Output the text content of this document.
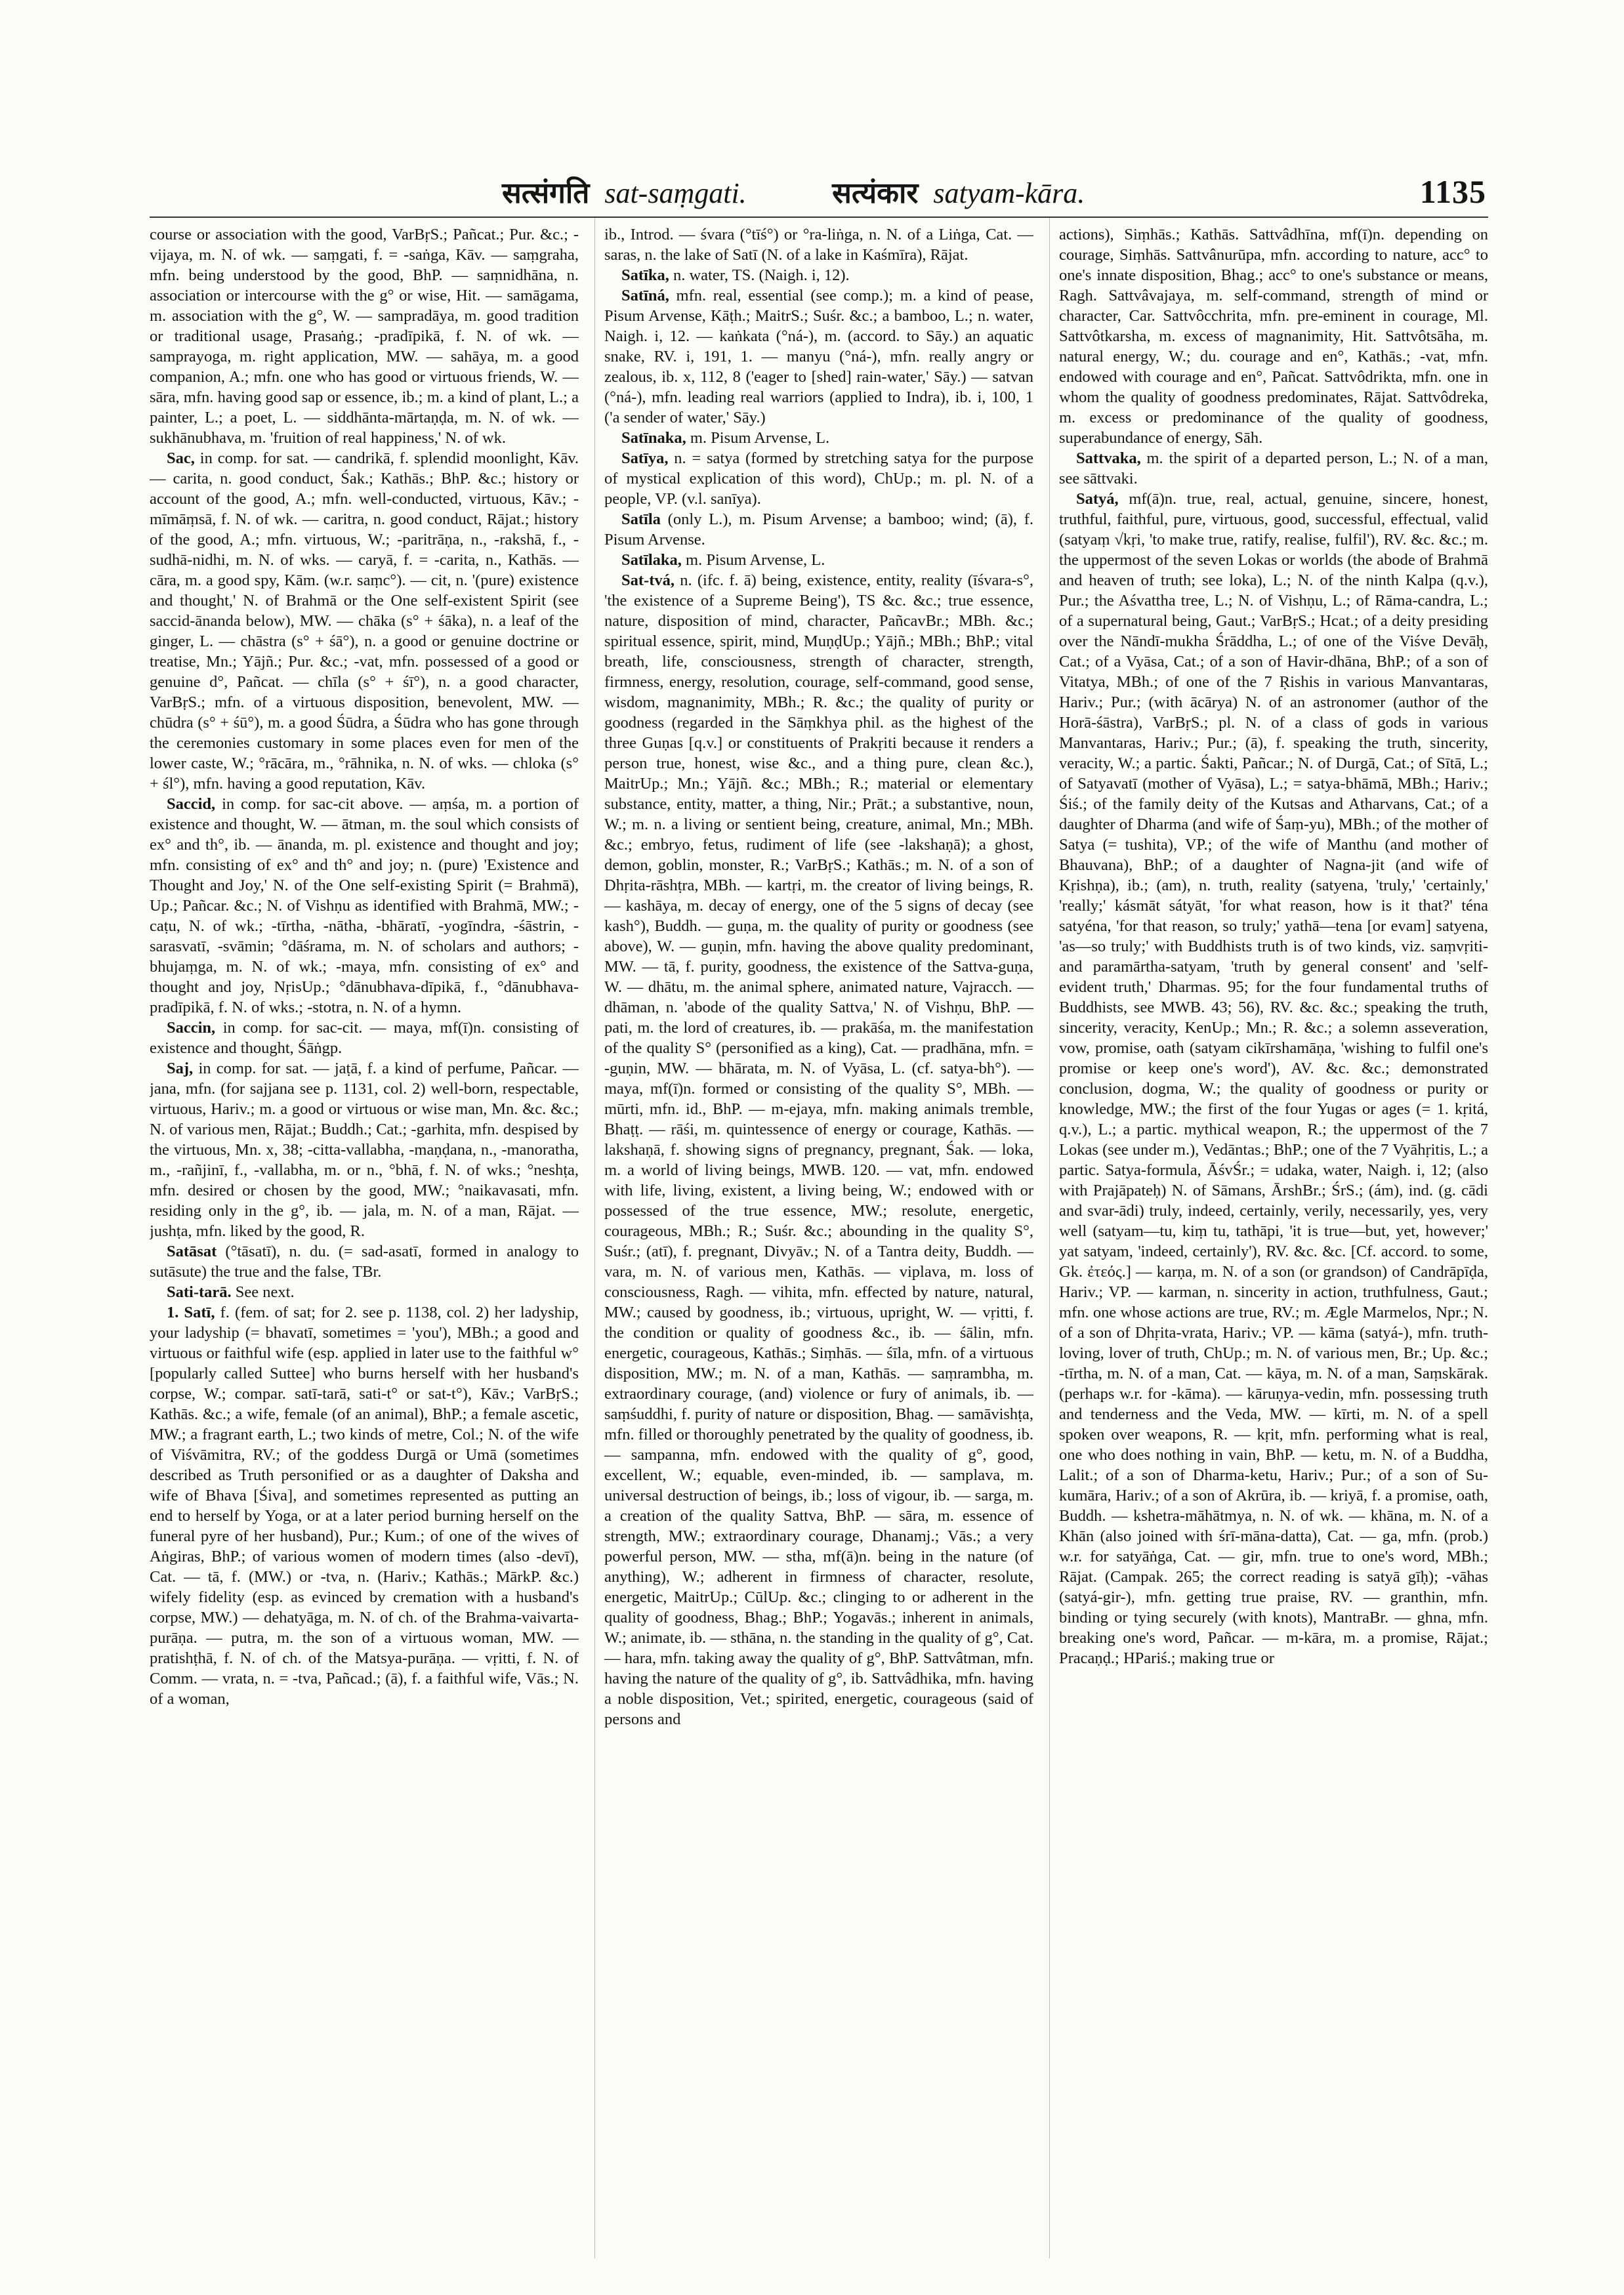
सत्संगति sat-saṃgati.	सत्यंकार satyam-kāra.	1135

course or association with the good, VarBṛS.; Pañcat.; Pur. &c.; -vijaya, m. N. of wk. — saṃgati, f. = -saṅga, Kāv. — saṃgraha, mfn. being understood by the good, BhP. — saṃnidhāna, n. association or intercourse with the g° or wise, Hit. — samāgama, m. association with the g°, W. — sampradāya, m. good tradition or traditional usage, Prasaṅg.; -pradīpikā, f. N. of wk. — samprayoga, m. right application, MW. — sahāya, m. a good companion, A.; mfn. one who has good or virtuous friends, W. — sāra, mfn. having good sap or essence, ib.; m. a kind of plant, L.; a painter, L.; a poet, L. — siddhānta-mārtaṇḍa, m. N. of wk. — sukhānubhava, m. 'fruition of real happiness,' N. of wk.

Sac, in comp. for sat. — candrikā, f. splendid moonlight, Kāv. — carita, n. good conduct, Śak.; Kathās.; BhP. &c.; history or account of the good, A.; mfn. well-conducted, virtuous, Kāv.; -mīmāṃsā, f. N. of wk. — caritra, n. good conduct, Rājat.; history of the good, A.; mfn. virtuous, W.; -paritrāṇa, n., -rakshā, f., -sudhā-nidhi, m. N. of wks. — caryā, f. = -carita, n., Kathās. — cāra, m. a good spy, Kām. (w.r. saṃc°). — cit, n. '(pure) existence and thought,' N. of Brahmā or the One self-existent Spirit (see saccid-ānanda below), MW. — chāka (s° + śāka), n. a leaf of the ginger, L. — chāstra (s° + śā°), n. a good or genuine doctrine or treatise, Mn.; Yājñ.; Pur. &c.; -vat, mfn. possessed of a good or genuine d°, Pañcat. — chīla (s° + śī°), n. a good character, VarBṛS.; mfn. of a virtuous disposition, benevolent, MW. — chūdra (s° + śū°), m. a good Śūdra, a Śūdra who has gone through the ceremonies customary in some places even for men of the lower caste, W.; °rācāra, m., °rāhnika, n. N. of wks. — chloka (s° + śl°), mfn. having a good reputation, Kāv.

Saccid, in comp. for sac-cit above. — aṃśa, m. a portion of existence and thought, W. — ātman, m. the soul which consists of ex° and th°, ib. — ānanda, m. pl. existence and thought and joy; mfn. consisting of ex° and th° and joy; n. (pure) 'Existence and Thought and Joy,' N. of the One self-existing Spirit (= Brahmā), Up.; Pañcar. &c.; N. of Vishṇu as identified with Brahmā, MW.; -caṭu, N. of wk.; -tīrtha, -nātha, -bhāratī, -yogīndra, -śāstrin, -sarasvatī, -svāmin; °dāśrama, m. N. of scholars and authors; -bhujaṃga, m. N. of wk.; -maya, mfn. consisting of ex° and thought and joy, NṛisUp.; °dānubhava-dīpikā, f., °dānubhava-pradīpikā, f. N. of wks.; -stotra, n. N. of a hymn.

Saccin, in comp. for sac-cit. — maya, mf(ī)n. consisting of existence and thought, Śāṅgp.

Saj, in comp. for sat. — jaṭā, f. a kind of perfume, Pañcar. — jana, mfn. (for sajjana see p. 1131, col. 2) well-born, respectable, virtuous, Hariv.; m. a good or virtuous or wise man, Mn. &c. &c.; N. of various men, Rājat.; Buddh.; Cat.; -garhita, mfn. despised by the virtuous, Mn. x, 38; -citta-vallabha, -maṇḍana, n., -manoratha, m., -rañjinī, f., -vallabha, m. or n., °bhā, f. N. of wks.; °neshṭa, mfn. desired or chosen by the good, MW.; °naikavasati, mfn. residing only in the g°, ib. — jala, m. N. of a man, Rājat. — jushṭa, mfn. liked by the good, R.

Satāsat (°tāsatī), n. du. (= sad-asatī, formed in analogy to sutāsute) the true and the false, TBr.

Sati-tarā. See next.

1. Satī, f. (fem. of sat; for 2. see p. 1138, col. 2) her ladyship, your ladyship (= bhavatī, sometimes = 'you'), MBh.; a good and virtuous or faithful wife (esp. applied in later use to the faithful w° [popularly called Suttee] who burns herself with her husband's corpse, W.; compar. satī-tarā, sati-t° or sat-t°), Kāv.; VarBṛS.; Kathās. &c.; a wife, female (of an animal), BhP.; a female ascetic, MW.; a fragrant earth, L.; two kinds of metre, Col.; N. of the wife of Viśvāmitra, RV.; of the goddess Durgā or Umā (sometimes described as Truth personified or as a daughter of Daksha and wife of Bhava [Śiva], and sometimes represented as putting an end to herself by Yoga, or at a later period burning herself on the funeral pyre of her husband), Pur.; Kum.; of one of the wives of Aṅgiras, BhP.; of various women of modern times (also -devī), Cat. — tā, f. (MW.) or -tva, n. (Hariv.; Kathās.; MārkP. &c.) wifely fidelity (esp. as evinced by cremation with a husband's corpse, MW.) — dehatyāga, m. N. of ch. of the Brahma-vaivarta-purāṇa. — putra, m. the son of a virtuous woman, MW. — pratishṭhā, f. N. of ch. of the Matsya-purāṇa. — vṛitti, f. N. of Comm. — vrata, n. = -tva, Pañcad.; (ā), f. a faithful wife, Vās.; N. of a woman,

ib., Introd. — śvara (°tīś°) or °ra-liṅga, n. N. of a Liṅga, Cat. — saras, n. the lake of Satī (N. of a lake in Kaśmīra), Rājat.

Satīka, n. water, TS. (Naigh. i, 12).

Satīná, mfn. real, essential (see comp.); m. a kind of pease, Pisum Arvense, Kāṭh.; MaitrS.; Suśr. &c.; a bamboo, L.; n. water, Naigh. i, 12. — kaṅkata (°ná-), m. (accord. to Sāy.) an aquatic snake, RV. i, 191, 1. — manyu (°ná-), mfn. really angry or zealous, ib. x, 112, 8 ('eager to [shed] rain-water,' Sāy.) — satvan (°ná-), mfn. leading real warriors (applied to Indra), ib. i, 100, 1 ('a sender of water,' Sāy.)

Satīnaka, m. Pisum Arvense, L.

Satīya, n. = satya (formed by stretching satya for the purpose of mystical explication of this word), ChUp.; m. pl. N. of a people, VP. (v.l. sanīya).

Satīla (only L.), m. Pisum Arvense; a bamboo; wind; (ā), f. Pisum Arvense.

Satīlaka, m. Pisum Arvense, L.

Sat-tvá, n. (ifc. f. ā) being, existence, entity, reality (īśvara-s°, 'the existence of a Supreme Being'), TS &c. &c.; true essence, nature, disposition of mind, character, PañcavBr.; MBh. &c.; spiritual essence, spirit, mind, MuṇḍUp.; Yājñ.; MBh.; BhP.; vital breath, life, consciousness, strength of character, strength, firmness, energy, resolution, courage, self-command, good sense, wisdom, magnanimity, MBh.; R. &c.; the quality of purity or goodness (regarded in the Sāṃkhya phil. as the highest of the three Guṇas [q.v.] or constituents of Prakṛiti because it renders a person true, honest, wise &c., and a thing pure, clean &c.), MaitrUp.; Mn.; Yājñ. &c.; MBh.; R.; material or elementary substance, entity, matter, a thing, Nir.; Prāt.; a substantive, noun, W.; m. n. a living or sentient being, creature, animal, Mn.; MBh. &c.; embryo, fetus, rudiment of life (see -lakshaṇā); a ghost, demon, goblin, monster, R.; VarBṛS.; Kathās.; m. N. of a son of Dhṛita-rāshṭra, MBh. — kartṛi, m. the creator of living beings, R. — kashāya, m. decay of energy, one of the 5 signs of decay (see kash°), Buddh. — guṇa, m. the quality of purity or goodness (see above), W. — guṇin, mfn. having the above quality predominant, MW. — tā, f. purity, goodness, the existence of the Sattva-guṇa, W. — dhātu, m. the animal sphere, animated nature, Vajracch. — dhāman, n. 'abode of the quality Sattva,' N. of Vishṇu, BhP. — pati, m. the lord of creatures, ib. — prakāśa, m. the manifestation of the quality S° (personified as a king), Cat. — pradhāna, mfn. = -guṇin, MW. — bhārata, m. N. of Vyāsa, L. (cf. satya-bh°). — maya, mf(ī)n. formed or consisting of the quality S°, MBh. — mūrti, mfn. id., BhP. — m-ejaya, mfn. making animals tremble, Bhaṭṭ. — rāśi, m. quintessence of energy or courage, Kathās. — lakshaṇā, f. showing signs of pregnancy, pregnant, Śak. — loka, m. a world of living beings, MWB. 120. — vat, mfn. endowed with life, living, existent, a living being, W.; endowed with or possessed of the true essence, MW.; resolute, energetic, courageous, MBh.; R.; Suśr. &c.; abounding in the quality S°, Suśr.; (atī), f. pregnant, Divyāv.; N. of a Tantra deity, Buddh. — vara, m. N. of various men, Kathās. — viplava, m. loss of consciousness, Ragh. — vihita, mfn. effected by nature, natural, MW.; caused by goodness, ib.; virtuous, upright, W. — vṛitti, f. the condition or quality of goodness &c., ib. — śālin, mfn. energetic, courageous, Kathās.; Siṃhās. — śīla, mfn. of a virtuous disposition, MW.; m. N. of a man, Kathās. — saṃrambha, m. extraordinary courage, (and) violence or fury of animals, ib. — saṃśuddhi, f. purity of nature or disposition, Bhag. — samāvishṭa, mfn. filled or thoroughly penetrated by the quality of goodness, ib. — sampanna, mfn. endowed with the quality of g°, good, excellent, W.; equable, even-minded, ib. — samplava, m. universal destruction of beings, ib.; loss of vigour, ib. — sarga, m. a creation of the quality Sattva, BhP. — sāra, m. essence of strength, MW.; extraordinary courage, Dhanamj.; Vās.; a very powerful person, MW. — stha, mf(ā)n. being in the nature (of anything), W.; adherent in firmness of character, resolute, energetic, MaitrUp.; CūlUp. &c.; clinging to or adherent in the quality of goodness, Bhag.; BhP.; Yogavās.; inherent in animals, W.; animate, ib. — sthāna, n. the standing in the quality of g°, Cat. — hara, mfn. taking away the quality of g°, BhP. Sattvâtman, mfn. having the nature of the quality of g°, ib. Sattvâdhika, mfn. having a noble disposition, Vet.; spirited, energetic, courageous (said of persons and

actions), Siṃhās.; Kathās. Sattvâdhīna, mf(ī)n. depending on courage, Siṃhās. Sattvânurūpa, mfn. according to nature, acc° to one's innate disposition, Bhag.; acc° to one's substance or means, Ragh. Sattvâvajaya, m. self-command, strength of mind or character, Car. Sattvôcchrita, mfn. pre-eminent in courage, Ml. Sattvôtkarsha, m. excess of magnanimity, Hit. Sattvôtsāha, m. natural energy, W.; du. courage and en°, Kathās.; -vat, mfn. endowed with courage and en°, Pañcat. Sattvôdrikta, mfn. one in whom the quality of goodness predominates, Rājat. Sattvôdreka, m. excess or predominance of the quality of goodness, superabundance of energy, Sāh.

Sattvaka, m. the spirit of a departed person, L.; N. of a man, see sāttvaki.

Satyá, mf(ā)n. true, real, actual, genuine, sincere, honest, truthful, faithful, pure, virtuous, good, successful, effectual, valid (satyaṃ √kṛi, 'to make true, ratify, realise, fulfil'), RV. &c. &c.; m. the uppermost of the seven Lokas or worlds (the abode of Brahmā and heaven of truth; see loka), L.; N. of the ninth Kalpa (q.v.), Pur.; the Aśvattha tree, L.; N. of Vishṇu, L.; of Rāma-candra, L.; of a supernatural being, Gaut.; VarBṛS.; Hcat.; of a deity presiding over the Nāndī-mukha Śrāddha, L.; of one of the Viśve Devāḥ, Cat.; of a Vyāsa, Cat.; of a son of Havir-dhāna, BhP.; of a son of Vitatya, MBh.; of one of the 7 Ṛishis in various Manvantaras, Hariv.; Pur.; (with ācārya) N. of an astronomer (author of the Horā-śāstra), VarBṛS.; pl. N. of a class of gods in various Manvantaras, Hariv.; Pur.; (ā), f. speaking the truth, sincerity, veracity, W.; a partic. Śakti, Pañcar.; N. of Durgā, Cat.; of Sītā, L.; of Satyavatī (mother of Vyāsa), L.; = satya-bhāmā, MBh.; Hariv.; Śiś.; of the family deity of the Kutsas and Atharvans, Cat.; of a daughter of Dharma (and wife of Śaṃ-yu), MBh.; of the mother of Satya (= tushita), VP.; of the wife of Manthu (and mother of Bhauvana), BhP.; of a daughter of Nagna-jit (and wife of Kṛishṇa), ib.; (am), n. truth, reality (satyena, 'truly,' 'certainly,' 'really;' kásmāt sátyāt, 'for what reason, how is it that?' téna satyéna, 'for that reason, so truly;' yathā—tena [or evam] satyena, 'as—so truly;' with Buddhists truth is of two kinds, viz. saṃvṛiti- and paramārtha-satyam, 'truth by general consent' and 'self-evident truth,' Dharmas. 95; for the four fundamental truths of Buddhists, see MWB. 43; 56), RV. &c. &c.; speaking the truth, sincerity, veracity, KenUp.; Mn.; R. &c.; a solemn asseveration, vow, promise, oath (satyam cikīrshamāṇa, 'wishing to fulfil one's promise or keep one's word'), AV. &c. &c.; demonstrated conclusion, dogma, W.; the quality of goodness or purity or knowledge, MW.; the first of the four Yugas or ages (= 1. kṛitá, q.v.), L.; a partic. mythical weapon, R.; the uppermost of the 7 Lokas (see under m.), Vedāntas.; BhP.; one of the 7 Vyāhṛitis, L.; a partic. Satya-formula, ĀśvŚr.; = udaka, water, Naigh. i, 12; (also with Prajāpateḥ) N. of Sāmans, ĀrshBr.; ŚrS.; (ám), ind. (g. cādi and svar-ādi) truly, indeed, certainly, verily, necessarily, yes, very well (satyam—tu, kiṃ tu, tathāpi, 'it is true—but, yet, however;' yat satyam, 'indeed, certainly'), RV. &c. &c. [Cf. accord. to some, Gk. ἐτεός.] — karṇa, m. N. of a son (or grandson) of Candrāpīḍa, Hariv.; VP. — karman, n. sincerity in action, truthfulness, Gaut.; mfn. one whose actions are true, RV.; m. Ægle Marmelos, Npr.; N. of a son of Dhṛita-vrata, Hariv.; VP. — kāma (satyá-), mfn. truth-loving, lover of truth, ChUp.; m. N. of various men, Br.; Up. &c.; -tīrtha, m. N. of a man, Cat. — kāya, m. N. of a man, Saṃskārak. (perhaps w.r. for -kāma). — kāruṇya-vedin, mfn. possessing truth and tenderness and the Veda, MW. — kīrti, m. N. of a spell spoken over weapons, R. — kṛit, mfn. performing what is real, one who does nothing in vain, BhP. — ketu, m. N. of a Buddha, Lalit.; of a son of Dharma-ketu, Hariv.; Pur.; of a son of Su-kumāra, Hariv.; of a son of Akrūra, ib. — kriyā, f. a promise, oath, Buddh. — kshetra-māhātmya, n. N. of wk. — khāna, m. N. of a Khān (also joined with śrī-māna-datta), Cat. — ga, mfn. (prob.) w.r. for satyāṅga, Cat. — gir, mfn. true to one's word, MBh.; Rājat. (Campak. 265; the correct reading is satyā gīḥ); -vāhas (satyá-gir-), mfn. getting true praise, RV. — granthin, mfn. binding or tying securely (with knots), MantraBr. — ghna, mfn. breaking one's word, Pañcar. — m-kāra, m. a promise, Rājat.; Pracaṇḍ.; HPariś.; making true or
